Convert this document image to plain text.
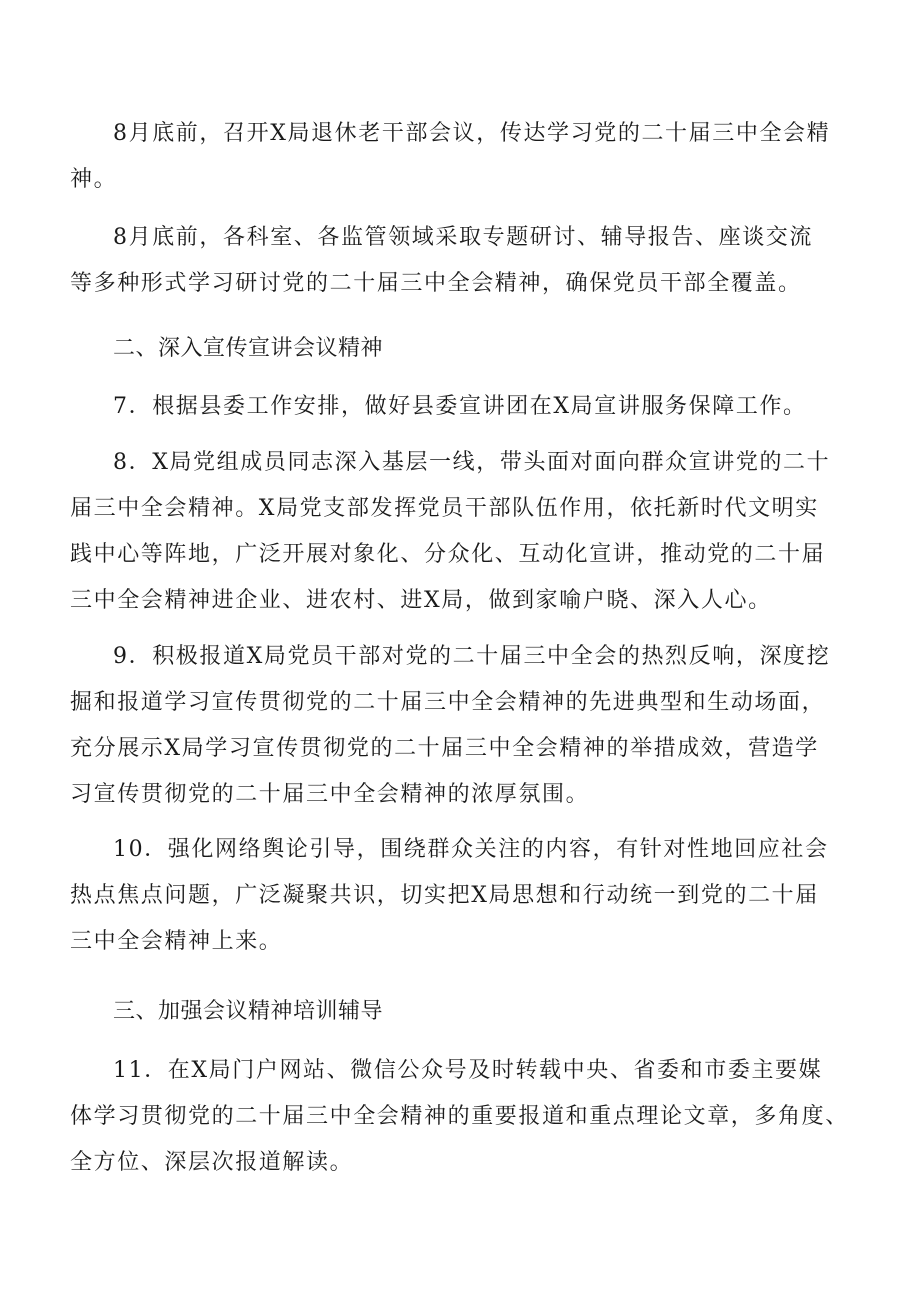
8月底前，召开X局退休老干部会议，传达学习党的二十届三中全会精
神。
8月底前，各科室、各监管领域采取专题研讨、辅导报告、座谈交流
等多种形式学习研讨党的二十届三中全会精神，确保党员干部全覆盖。
二、深入宣传宣讲会议精神
7．根据县委工作安排，做好县委宣讲团在X局宣讲服务保障工作。
8．X局党组成员同志深入基层一线，带头面对面向群众宣讲党的二十
届三中全会精神。X局党支部发挥党员干部队伍作用，依托新时代文明实
践中心等阵地，广泛开展对象化、分众化、互动化宣讲，推动党的二十届
三中全会精神进企业、进农村、进X局，做到家喻户晓、深入人心。
9．积极报道X局党员干部对党的二十届三中全会的热烈反响，深度挖
掘和报道学习宣传贯彻党的二十届三中全会精神的先进典型和生动场面，
充分展示X局学习宣传贯彻党的二十届三中全会精神的举措成效，营造学
习宣传贯彻党的二十届三中全会精神的浓厚氛围。
10．强化网络舆论引导，围绕群众关注的内容，有针对性地回应社会
热点焦点问题，广泛凝聚共识，切实把X局思想和行动统一到党的二十届
三中全会精神上来。
三、加强会议精神培训辅导
11．在X局门户网站、微信公众号及时转载中央、省委和市委主要媒
体学习贯彻党的二十届三中全会精神的重要报道和重点理论文章，多角度、
全方位、深层次报道解读。
